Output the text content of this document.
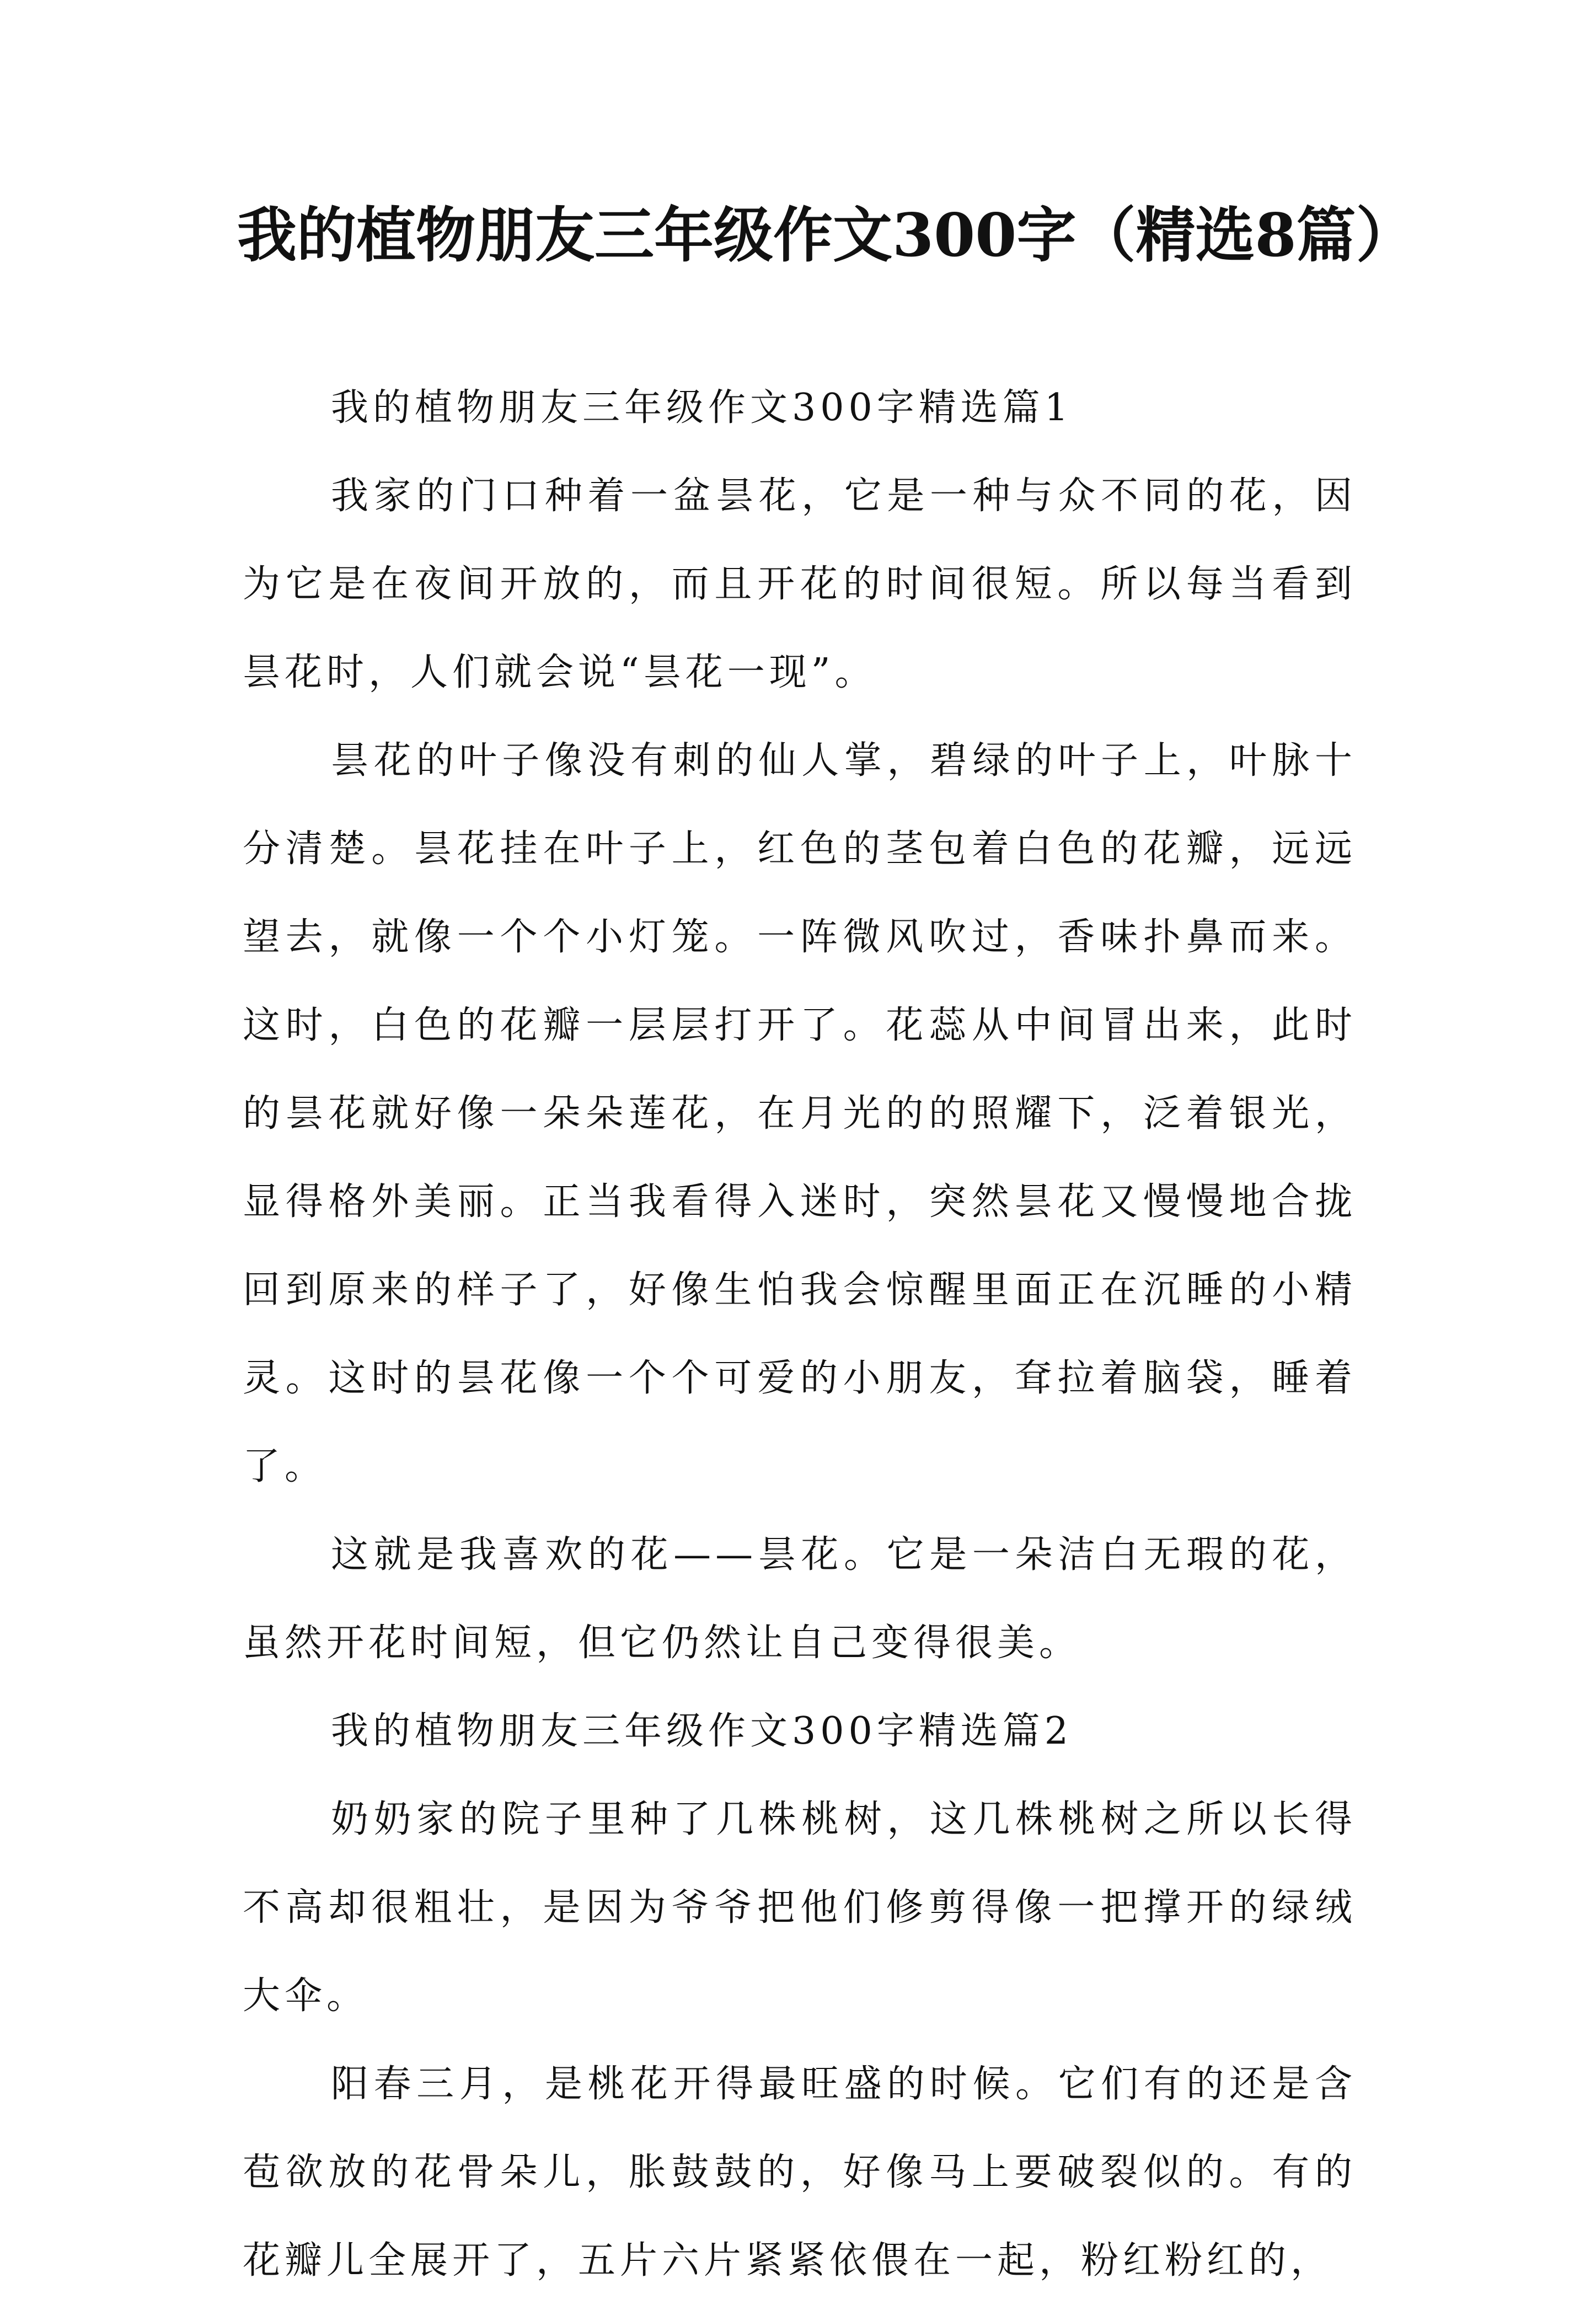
我的植物朋友三年级作文300字（精选8篇）

我的植物朋友三年级作文300字精选篇1

我家的门口种着一盆昙花，它是一种与众不同的花，因为它是在夜间开放的，而且开花的时间很短。所以每当看到昙花时，人们就会说“昙花一现”。

昙花的叶子像没有刺的仙人掌，碧绿的叶子上，叶脉十分清楚。昙花挂在叶子上，红色的茎包着白色的花瓣，远远望去，就像一个个小灯笼。一阵微风吹过，香味扑鼻而来。这时，白色的花瓣一层层打开了。花蕊从中间冒出来，此时的昙花就好像一朵朵莲花，在月光的的照耀下，泛着银光，显得格外美丽。正当我看得入迷时，突然昙花又慢慢地合拢回到原来的样子了，好像生怕我会惊醒里面正在沉睡的小精灵。这时的昙花像一个个可爱的小朋友，耷拉着脑袋，睡着了。

这就是我喜欢的花——昙花。它是一朵洁白无瑕的花，虽然开花时间短，但它仍然让自己变得很美。

我的植物朋友三年级作文300字精选篇2

奶奶家的院子里种了几株桃树，这几株桃树之所以长得不高却很粗壮，是因为爷爷把他们修剪得像一把撑开的绿绒大伞。

阳春三月，是桃花开得最旺盛的时候。它们有的还是含苞欲放的花骨朵儿，胀鼓鼓的，好像马上要破裂似的。有的花瓣儿全展开了，五片六片紧紧依偎在一起，粉红粉红的，
